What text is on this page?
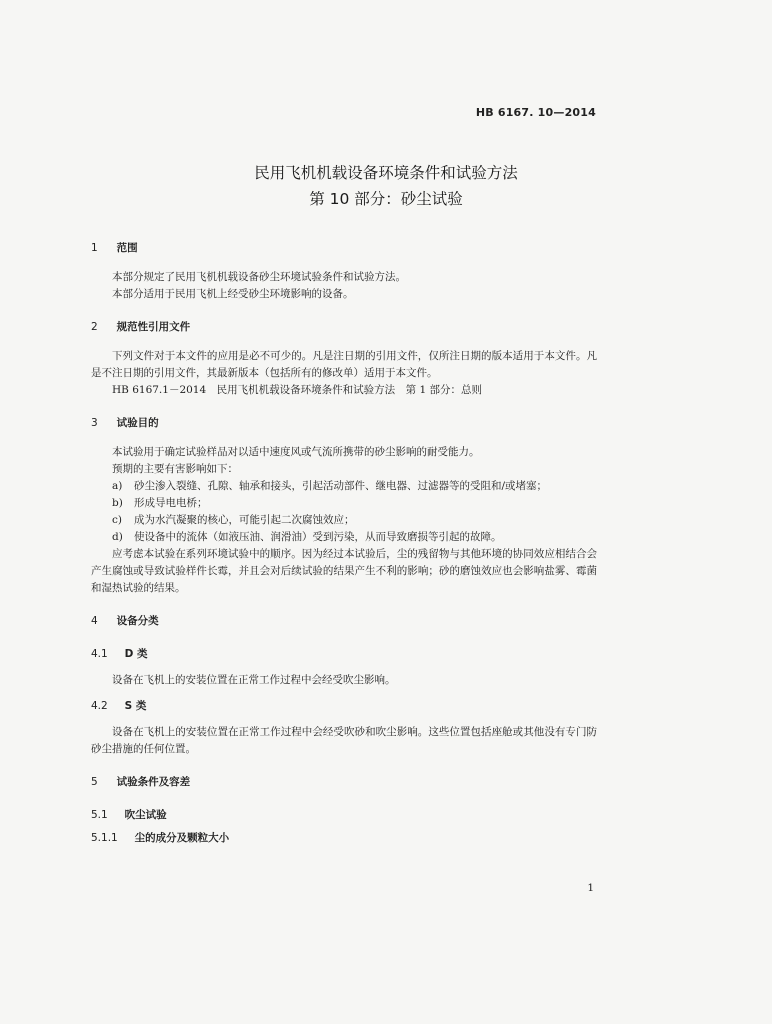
HB 6167. 10—2014
民用飞机机载设备环境条件和试验方法
第 10 部分：砂尘试验
1 范围

本部分规定了民用飞机机载设备砂尘环境试验条件和试验方法。

本部分适用于民用飞机上经受砂尘环境影响的设备。

2 规范性引用文件

下列文件对于本文件的应用是必不可少的。凡是注日期的引用文件，仅所注日期的版本适用于本文件。凡是不注日期的引用文件，其最新版本（包括所有的修改单）适用于本文件。

HB 6167.1－2014　民用飞机机载设备环境条件和试验方法　第 1 部分：总则

3 试验目的

本试验用于确定试验样品对以适中速度风或气流所携带的砂尘影响的耐受能力。

预期的主要有害影响如下：

a) 砂尘渗入裂缝、孔隙、轴承和接头，引起活动部件、继电器、过滤器等的受阻和/或堵塞；
b) 形成导电电桥；
c) 成为水汽凝聚的核心，可能引起二次腐蚀效应；
d) 使设备中的流体（如液压油、润滑油）受到污染，从而导致磨损等引起的故障。

应考虑本试验在系列环境试验中的顺序。因为经过本试验后，尘的残留物与其他环境的协同效应相结合会产生腐蚀或导致试验样件长霉，并且会对后续试验的结果产生不利的影响；砂的磨蚀效应也会影响盐雾、霉菌和湿热试验的结果。

4 设备分类
4.1 D 类

设备在飞机上的安装位置在正常工作过程中会经受吹尘影响。

4.2 S 类

设备在飞机上的安装位置在正常工作过程中会经受吹砂和吹尘影响。这些位置包括座舱或其他没有专门防砂尘措施的任何位置。

5 试验条件及容差
5.1 吹尘试验
5.1.1 尘的成分及颗粒大小
1
